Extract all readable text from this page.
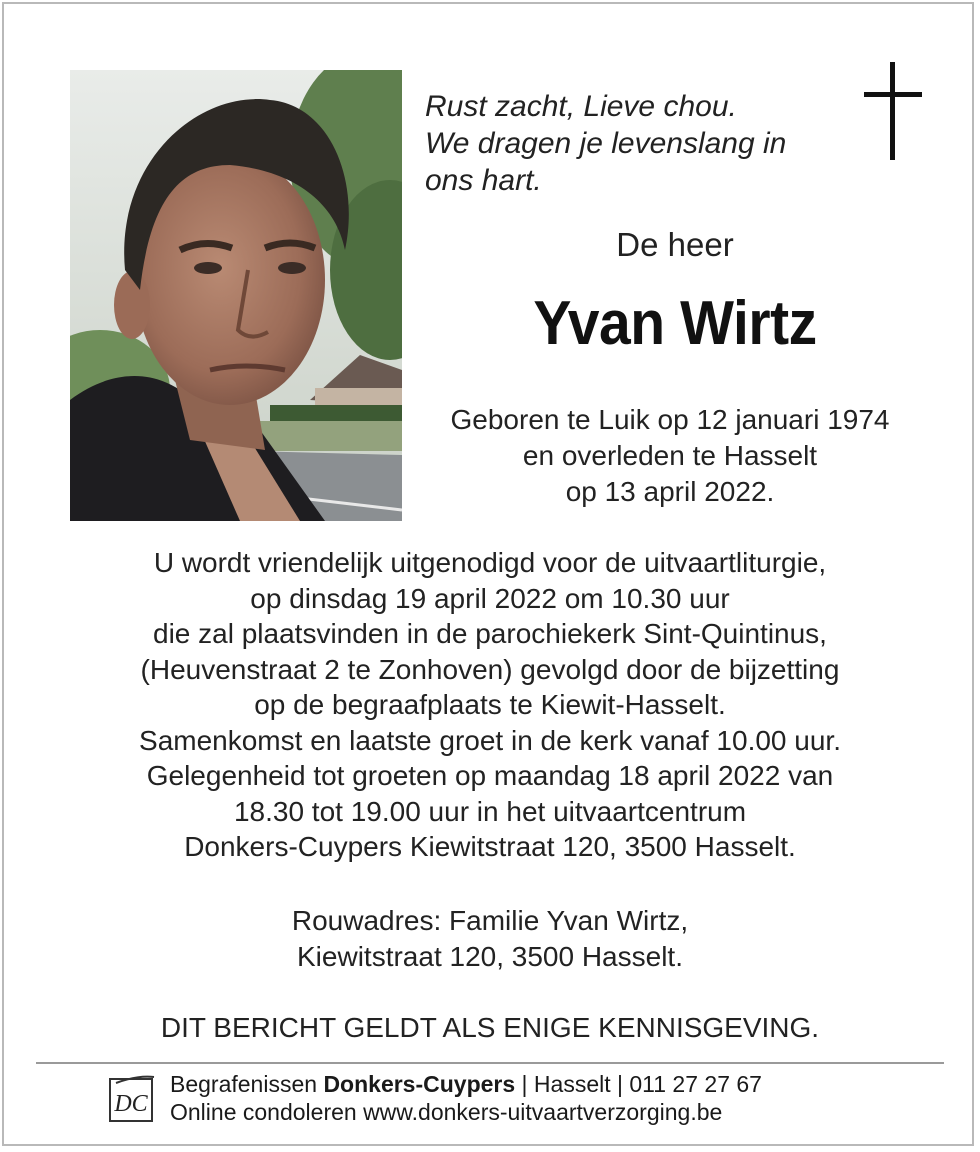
Rust zacht, Lieve chou.
We dragen je levenslang in
ons hart.
De heer
Yvan Wirtz
Geboren te Luik op 12 januari 1974
en overleden te Hasselt
op 13 april 2022.
U wordt vriendelijk uitgenodigd voor de uitvaartliturgie,
op dinsdag 19 april 2022 om 10.30 uur
die zal plaatsvinden in de parochiekerk Sint-Quintinus,
(Heuvenstraat 2 te Zonhoven) gevolgd door de bijzetting
op de begraafplaats te Kiewit-Hasselt.
Samenkomst en laatste groet in de kerk vanaf 10.00 uur.
Gelegenheid tot groeten op maandag 18 april 2022 van
18.30 tot 19.00 uur in het uitvaartcentrum
Donkers-Cuypers Kiewitstraat 120, 3500 Hasselt.
Rouwadres: Familie Yvan Wirtz,
Kiewitstraat 120, 3500 Hasselt.
DIT BERICHT GELDT ALS ENIGE KENNISGEVING.
DC
Begrafenissen Donkers-Cuypers | Hasselt | 011 27 27 67
Online condoleren www.donkers-uitvaartverzorging.be
